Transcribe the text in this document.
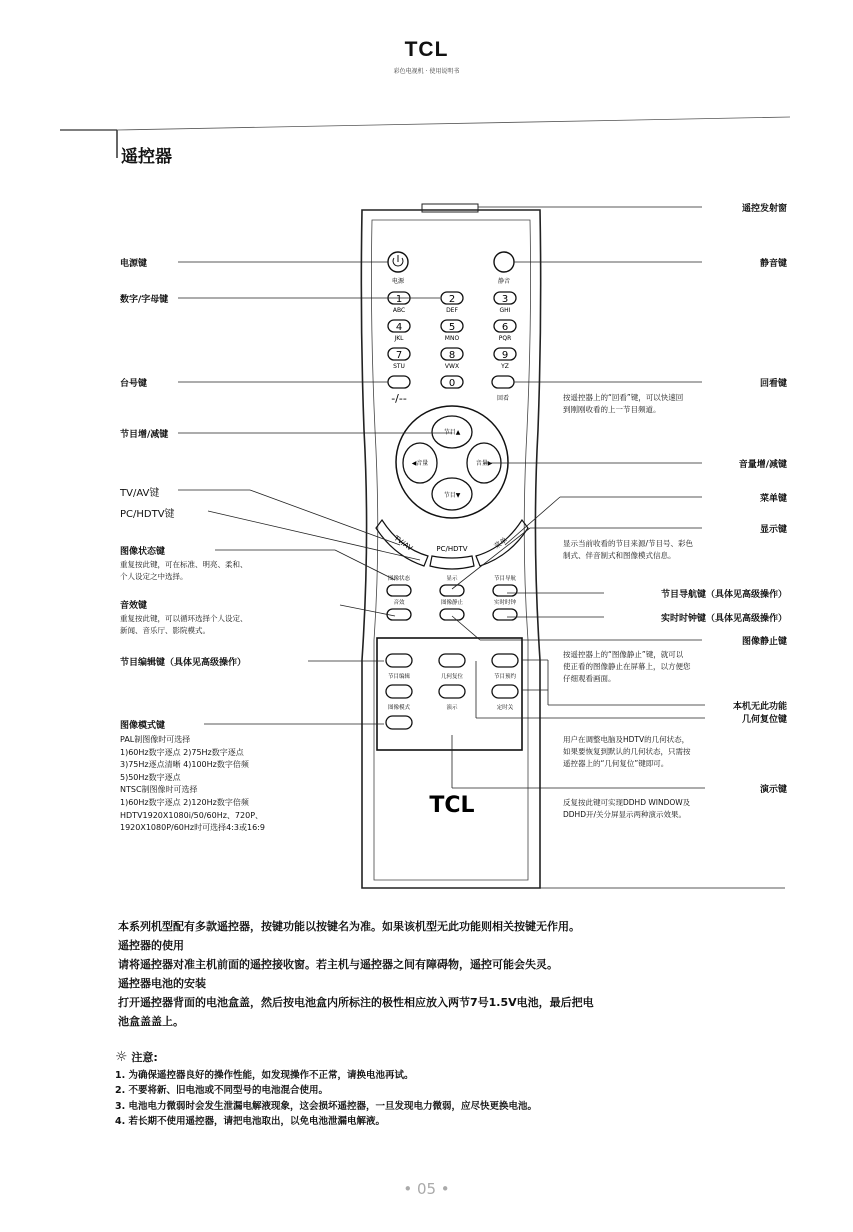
TCL
彩色电视机 · 使用说明书
遥控器
电源	静音
1
ABC
2
DEF
3
GHI
4
JKL
5
MNO
6
PQR
7
STU
8
VWX
9
YZ
-/--
0
回看
节目▲
节目▼
◀音量	音量▶
TV/AV	PC/HDTV	菜单
图像状态	显示	节目导航
音效	图像静止	实时时钟
节目编辑	几何复位	节目预约
图像模式	演示	定时关
TCL
电源键
数字/字母键
台号键
节目增/减键
TV/AV键
PC/HDTV键
图像状态键
重复按此键，可在标准、明亮、柔和、
个人设定之中选择。
音效键
重复按此键，可以循环选择个人设定、
新闻、音乐厅、影院模式。
节目编辑键（具体见高级操作）
图像模式键
PAL制图像时可选择
1)60Hz数字逐点 2)75Hz数字逐点
3)75Hz逐点清晰 4)100Hz数字倍频
5)50Hz数字逐点
NTSC制图像时可选择
1)60Hz数字逐点 2)120Hz数字倍频
HDTV1920X1080i/50/60Hz、720P、
1920X1080P/60Hz时可选择4:3或16:9
遥控发射窗
静音键
回看键
按遥控器上的“回看”键，可以快速回
到刚刚收看的上一节目频道。
音量增/减键
菜单键
显示键
显示当前收看的节目来源/节目号、彩色
制式、伴音制式和图像模式信息。
节目导航键（具体见高级操作）
实时时钟键（具体见高级操作）
图像静止键
按遥控器上的“图像静止”键，就可以
使正看的图像静止在屏幕上，以方便您
仔细观看画面。
本机无此功能
几何复位键
用户在调整电脑及HDTV的几何状态，
如果要恢复到默认的几何状态，只需按
遥控器上的“几何复位”键即可。
演示键
反复按此键可实现DDHD WINDOW及
DDHD开/关分屏显示两种演示效果。
本系列机型配有多款遥控器，按键功能以按键名为准。如果该机型无此功能则相关按键无作用。
遥控器的使用
请将遥控器对准主机前面的遥控接收窗。若主机与遥控器之间有障碍物，遥控可能会失灵。
遥控器电池的安装
打开遥控器背面的电池盒盖，然后按电池盒内所标注的极性相应放入两节7号1.5V电池，最后把电
池盒盖盖上。
☼ 注意:
1. 为确保遥控器良好的操作性能，如发现操作不正常，请换电池再试。
2. 不要将新、旧电池或不同型号的电池混合使用。
3. 电池电力微弱时会发生泄漏电解液现象，这会损坏遥控器，一旦发现电力微弱，应尽快更换电池。
4. 若长期不使用遥控器，请把电池取出，以免电池泄漏电解液。
• 05 •
